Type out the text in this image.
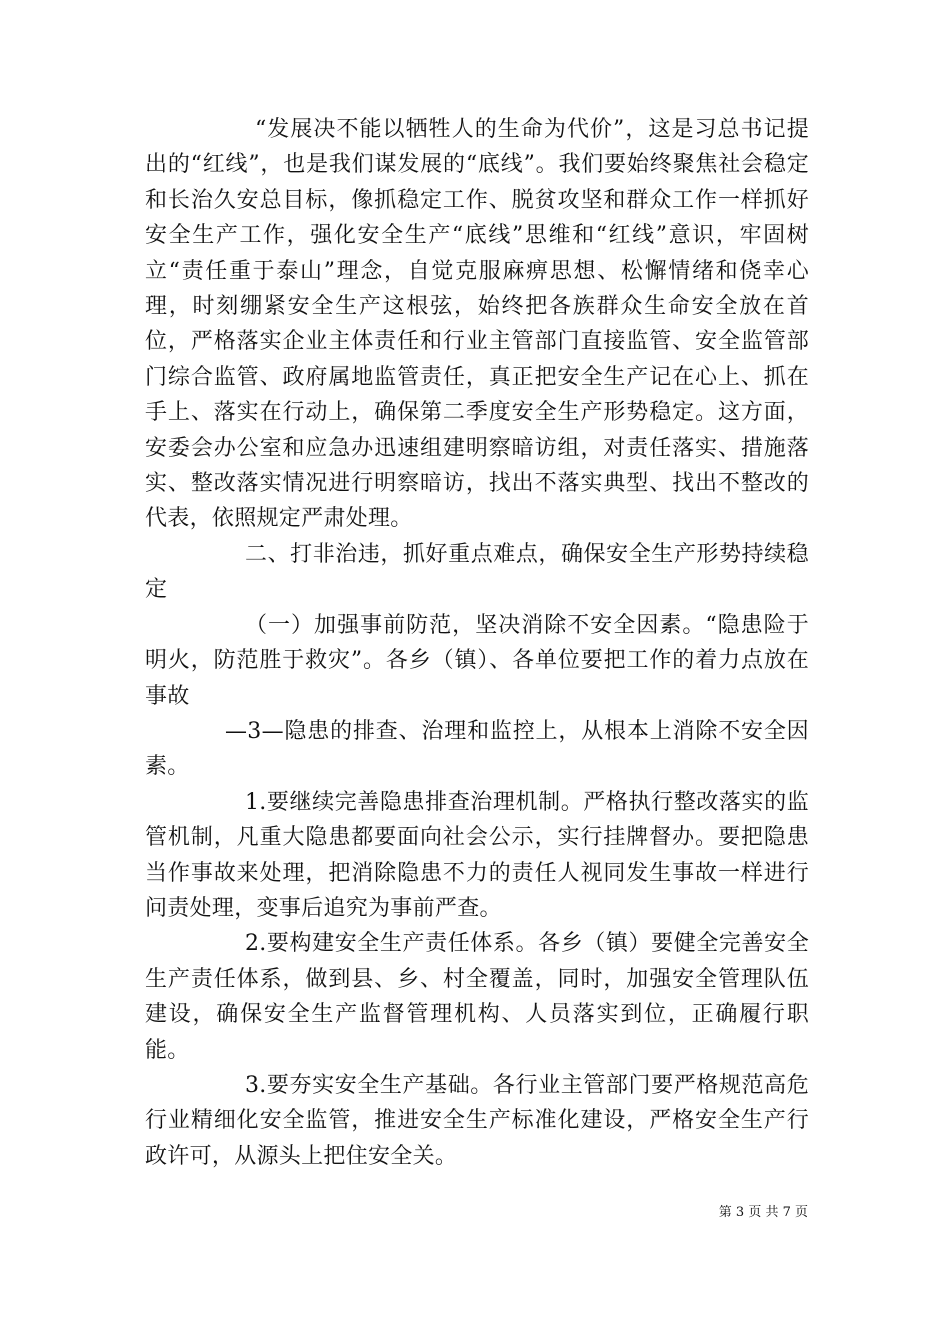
“发展决不能以牺牲人的生命为代价”，这是习总书记提出的“红线”，也是我们谋发展的“底线”。我们要始终聚焦社会稳定和长治久安总目标，像抓稳定工作、脱贫攻坚和群众工作一样抓好安全生产工作，强化安全生产“底线”思维和“红线”意识，牢固树立“责任重于泰山”理念，自觉克服麻痹思想、松懈情绪和侥幸心理，时刻绷紧安全生产这根弦，始终把各族群众生命安全放在首位，严格落实企业主体责任和行业主管部门直接监管、安全监管部门综合监管、政府属地监管责任，真正把安全生产记在心上、抓在手上、落实在行动上，确保第二季度安全生产形势稳定。这方面，安委会办公室和应急办迅速组建明察暗访组，对责任落实、措施落实、整改落实情况进行明察暗访，找出不落实典型、找出不整改的代表，依照规定严肃处理。

二、打非治违，抓好重点难点，确保安全生产形势持续稳定

（一）加强事前防范，坚决消除不安全因素。“隐患险于明火，防范胜于救灾”。各乡（镇）、各单位要把工作的着力点放在事故

—3—隐患的排查、治理和监控上，从根本上消除不安全因素。

1.要继续完善隐患排查治理机制。严格执行整改落实的监管机制，凡重大隐患都要面向社会公示，实行挂牌督办。要把隐患当作事故来处理，把消除隐患不力的责任人视同发生事故一样进行问责处理，变事后追究为事前严查。

2.要构建安全生产责任体系。各乡（镇）要健全完善安全生产责任体系，做到县、乡、村全覆盖，同时，加强安全管理队伍建设，确保安全生产监督管理机构、人员落实到位，正确履行职能。

3.要夯实安全生产基础。各行业主管部门要严格规范高危行业精细化安全监管，推进安全生产标准化建设，严格安全生产行政许可，从源头上把住安全关。

第 3 页 共 7 页
